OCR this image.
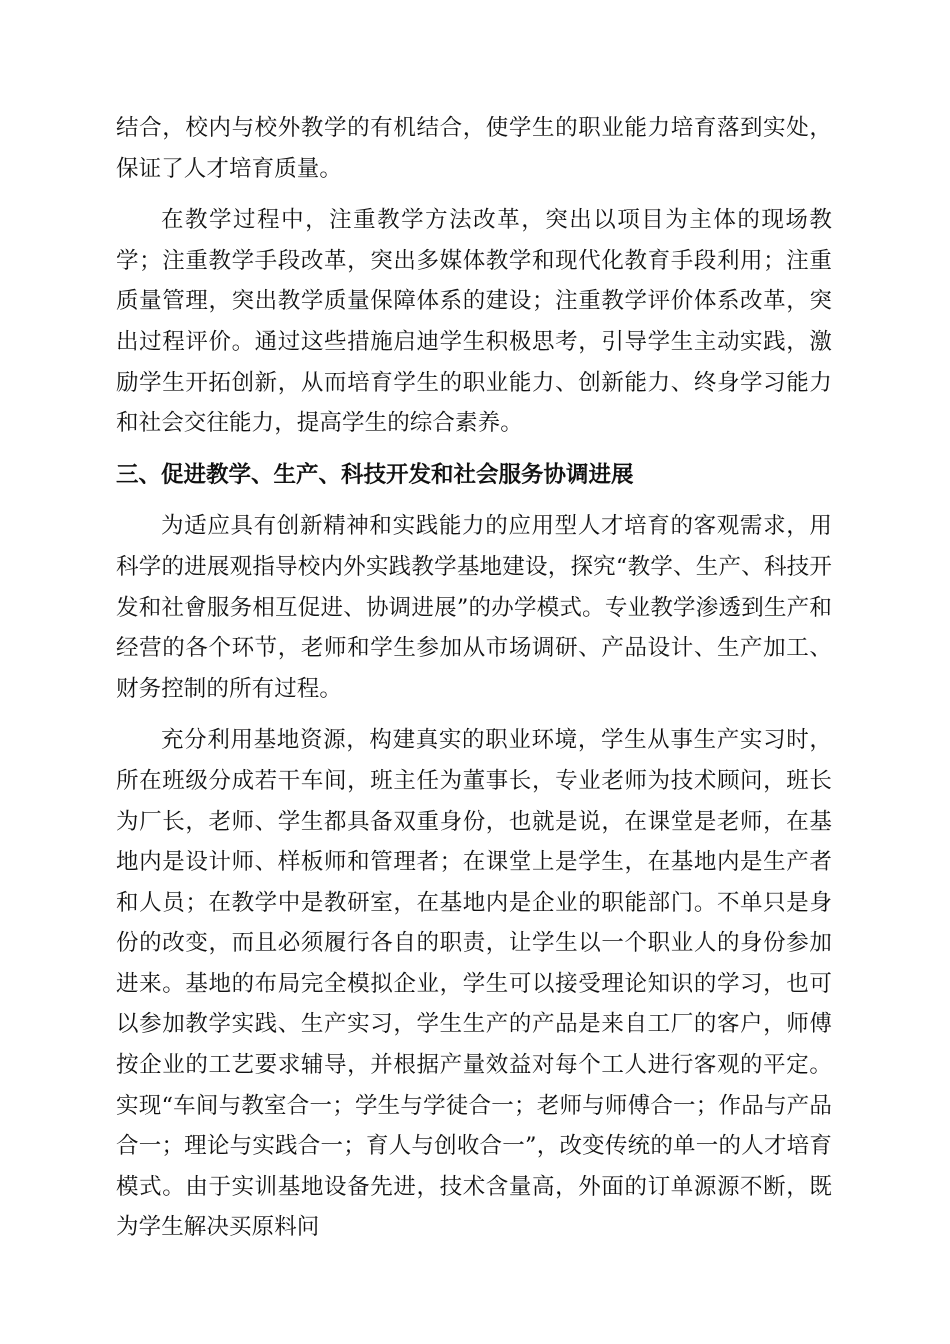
结合，校内与校外教学的有机结合，使学生的职业能力培育落到实处，保证了人才培育质量。

在教学过程中，注重教学方法改革，突出以项目为主体的现场教学；注重教学手段改革，突出多媒体教学和现代化教育手段利用；注重质量管理，突出教学质量保障体系的建设；注重教学评价体系改革，突出过程评价。通过这些措施启迪学生积极思考，引导学生主动实践，激励学生开拓创新，从而培育学生的职业能力、创新能力、终身学习能力和社会交往能力，提高学生的综合素养。

三、促进教学、生产、科技开发和社会服务协调进展

为适应具有创新精神和实践能力的应用型人才培育的客观需求，用科学的进展观指导校内外实践教学基地建设，探究“教学、生产、科技开发和社會服务相互促进、协调进展”的办学模式。专业教学渗透到生产和经营的各个环节，老师和学生参加从市场调研、产品设计、生产加工、财务控制的所有过程。

充分利用基地资源，构建真实的职业环境，学生从事生产实习时，所在班级分成若干车间，班主任为董事长，专业老师为技术顾问，班长为厂长，老师、学生都具备双重身份，也就是说，在课堂是老师，在基地内是设计师、样板师和管理者；在课堂上是学生，在基地内是生产者和人员；在教学中是教研室，在基地内是企业的职能部门。不单只是身份的改变，而且必须履行各自的职责，让学生以一个职业人的身份参加进来。基地的布局完全模拟企业，学生可以接受理论知识的学习，也可以参加教学实践、生产实习，学生生产的产品是来自工厂的客户，师傅按企业的工艺要求辅导，并根据产量效益对每个工人进行客观的平定。实现“车间与教室合一；学生与学徒合一；老师与师傅合一；作品与产品合一；理论与实践合一；育人与创收合一”，改变传统的单一的人才培育模式。由于实训基地设备先进，技术含量高，外面的订单源源不断，既为学生解决买原料问
